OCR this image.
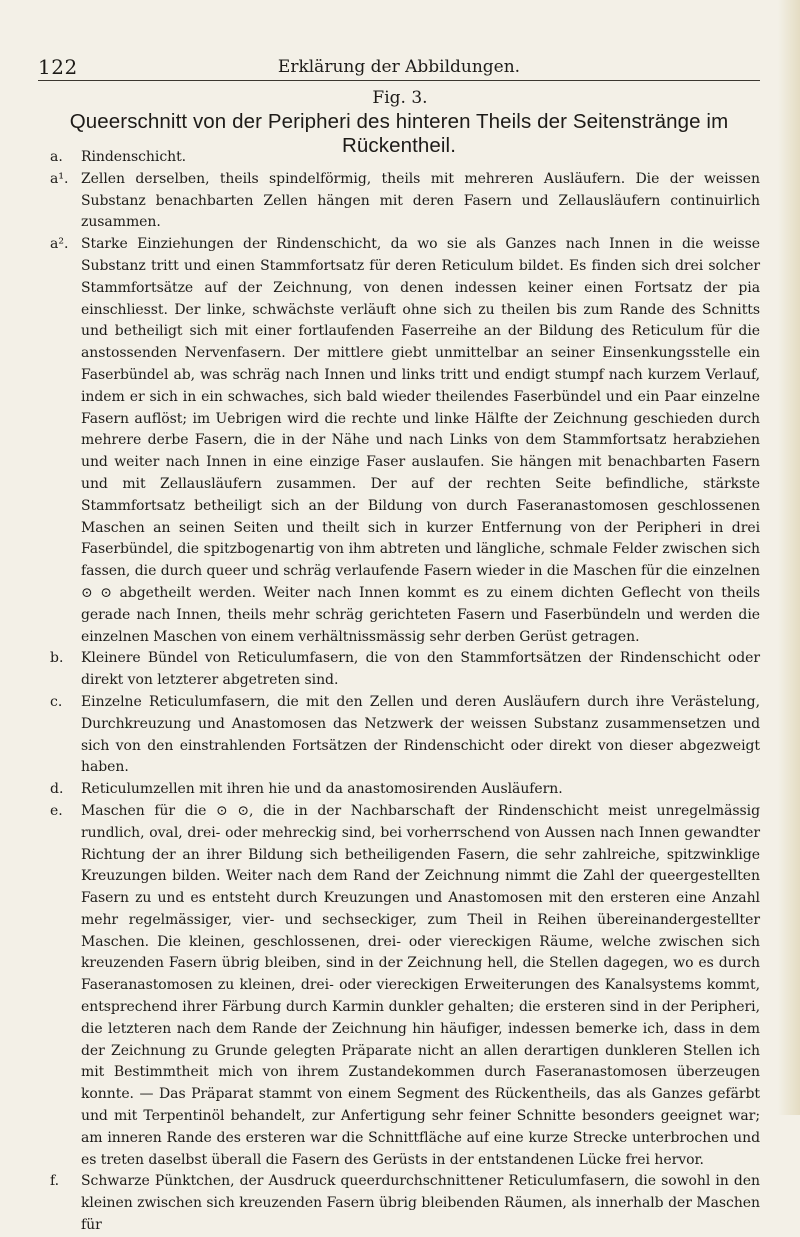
122	Erklärung der Abbildungen.
Fig. 3.
Queerschnitt von der Peripheri des hinteren Theils der Seitenstränge im Rückentheil.
a. Rindenschicht.
a¹. Zellen derselben, theils spindelförmig, theils mit mehreren Ausläufern. Die der weissen Substanz benachbarten Zellen hängen mit deren Fasern und Zellausläufern continuirlich zusammen.
a². Starke Einziehungen der Rindenschicht, da wo sie als Ganzes nach Innen in die weisse Substanz tritt und einen Stammfortsatz für deren Reticulum bildet. Es finden sich drei solcher Stammfortsätze auf der Zeichnung, von denen indessen keiner einen Fortsatz der pia einschliesst. Der linke, schwächste verläuft ohne sich zu theilen bis zum Rande des Schnitts und betheiligt sich mit einer fortlaufenden Faserreihe an der Bildung des Reticulum für die anstossenden Nervenfasern. Der mittlere giebt unmittelbar an seiner Einsenkungsstelle ein Faserbündel ab, was schräg nach Innen und links tritt und endigt stumpf nach kurzem Verlauf, indem er sich in ein schwaches, sich bald wieder theilendes Faserbündel und ein Paar einzelne Fasern auflöst; im Uebrigen wird die rechte und linke Hälfte der Zeichnung geschieden durch mehrere derbe Fasern, die in der Nähe und nach Links von dem Stammfortsatz herabziehen und weiter nach Innen in eine einzige Faser auslaufen. Sie hängen mit benachbarten Fasern und mit Zellausläufern zusammen. Der auf der rechten Seite befindliche, stärkste Stammfortsatz betheiligt sich an der Bildung von durch Faseranastomosen geschlossenen Maschen an seinen Seiten und theilt sich in kurzer Entfernung von der Peripheri in drei Faserbündel, die spitzbogenartig von ihm abtreten und längliche, schmale Felder zwischen sich fassen, die durch queer und schräg verlaufende Fasern wieder in die Maschen für die einzelnen ⊙ ⊙ abgetheilt werden. Weiter nach Innen kommt es zu einem dichten Geflecht von theils gerade nach Innen, theils mehr schräg gerichteten Fasern und Faserbündeln und werden die einzelnen Maschen von einem verhältnissmässig sehr derben Gerüst getragen.
b. Kleinere Bündel von Reticulumfasern, die von den Stammfortsätzen der Rindenschicht oder direkt von letzterer abgetreten sind.
c. Einzelne Reticulumfasern, die mit den Zellen und deren Ausläufern durch ihre Verästelung, Durchkreuzung und Anastomosen das Netzwerk der weissen Substanz zusammensetzen und sich von den einstrahlenden Fortsätzen der Rindenschicht oder direkt von dieser abgezweigt haben.
d. Reticulumzellen mit ihren hie und da anastomosirenden Ausläufern.
e. Maschen für die ⊙ ⊙, die in der Nachbarschaft der Rindenschicht meist unregelmässig rundlich, oval, drei- oder mehreckig sind, bei vorherrschend von Aussen nach Innen gewandter Richtung der an ihrer Bildung sich betheiligenden Fasern, die sehr zahlreiche, spitzwinklige Kreuzungen bilden. Weiter nach dem Rand der Zeichnung nimmt die Zahl der queergestellten Fasern zu und es entsteht durch Kreuzungen und Anastomosen mit den ersteren eine Anzahl mehr regelmässiger, vier- und sechseckiger, zum Theil in Reihen übereinandergestellter Maschen. Die kleinen, geschlossenen, drei- oder viereckigen Räume, welche zwischen sich kreuzenden Fasern übrig bleiben, sind in der Zeichnung hell, die Stellen dagegen, wo es durch Faseranastomosen zu kleinen, drei- oder viereckigen Erweiterungen des Kanalsystems kommt, entsprechend ihrer Färbung durch Karmin dunkler gehalten; die ersteren sind in der Peripheri, die letzteren nach dem Rande der Zeichnung hin häufiger, indessen bemerke ich, dass in dem der Zeichnung zu Grunde gelegten Präparate nicht an allen derartigen dunkleren Stellen ich mit Bestimmtheit mich von ihrem Zustandekommen durch Faseranastomosen überzeugen konnte. — Das Präparat stammt von einem Segment des Rückentheils, das als Ganzes gefärbt und mit Terpentinöl behandelt, zur Anfertigung sehr feiner Schnitte besonders geeignet war; am inneren Rande des ersteren war die Schnittfläche auf eine kurze Strecke unterbrochen und es treten daselbst überall die Fasern des Gerüsts in der entstandenen Lücke frei hervor.
f. Schwarze Pünktchen, der Ausdruck queerdurchschnittener Reticulumfasern, die sowohl in den kleinen zwischen sich kreuzenden Fasern übrig bleibenden Räumen, als innerhalb der Maschen für
